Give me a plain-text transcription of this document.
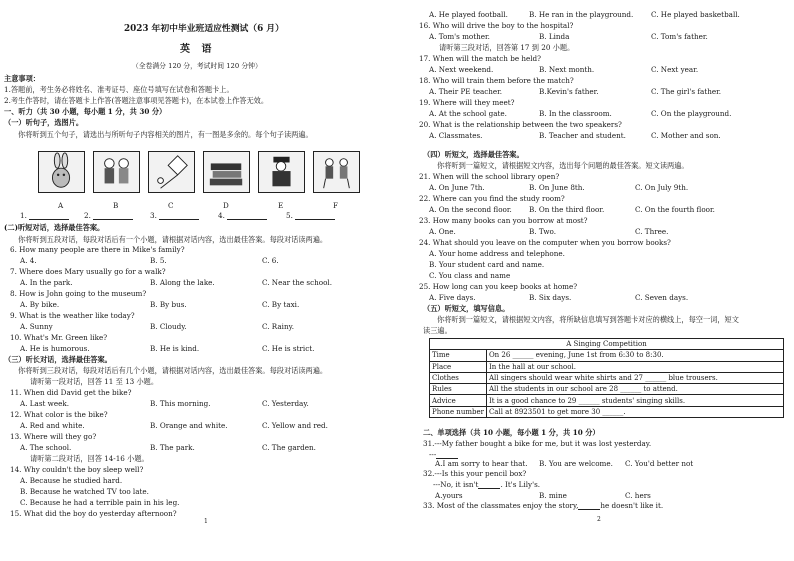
2023 年初中毕业班适应性测试（6 月）
英 语
（全卷满分 120 分，考试时间 120 分钟）
主意事项：
1.答题前，考生务必将姓名、准考证号、座位号填写在试卷和答题卡上。
2.考生作答时，请在答题卡上作答(答题注意事项见答题卡)，在本试卷上作答无效。
一、听力（共 30 小题，每小题 1 分，共 30 分）
（一）听句子，选图片。
你将听到五个句子，请选出与所听句子内容相关的图片，有一图是多余的。每个句子读两遍。
A	B	C	D	E	F
1.	2.	3.	4.	5.
(二)听短对话，选择最佳答案。
你将听到五段对话，每段对话后有一个小题，请根据对话内容，选出最佳答案。每段对话读两遍。
6. How many people are there in Mike's family?
A. 4.	B. 5.	C. 6.
7. Where does Mary usually go for a walk?
A. In the park.	B. Along the lake.	C. Near the school.
8. How is John going to the museum?
A. By bike.	B. By bus.	C. By taxi.
9. What is the weather like today?
A. Sunny	B. Cloudy.	C. Rainy.
10. What's Mr. Green like?
A. He is humorous.	B. He is kind.	C. He is strict.
（三）听长对话，选择最佳答案。
你将听到三段对话，每段对话后有几个小题，请根据对话内容，选出最佳答案。每段对话读两遍。
请听第一段对话，回答 11 至 13 小题。
11. When did David get the bike?
A. Last week.	B. This morning.	C. Yesterday.
12. What color is the bike?
A. Red and white.	B. Orange and white.	C. Yellow and red.
13. Where will they go?
A. The school.	B. The park.	C. The garden.
请听第二段对话，回答 14-16 小题。
14. Why couldn't the boy sleep well?
A. Because he studied hard.
B. Because he watched TV too late.
C. Because he had a terrible pain in his leg.
15. What did the boy do yesterday afternoon?
1
A. He played football.	B. He ran in the playground. C. He played basketball.
16. Who will drive the boy to the hospital?
A. Tom's mother.	B. Linda	C. Tom's father.
请听第三段对话，回答第 17 到 20 小题。
17. When will the match be held?
A. Next weekend.	B. Next month.	C. Next year.
18. Who will train them before the match?
A. Their PE teacher.	B.Kevin's father.	C. The girl's father.
19. Where will they meet?
A. At the school gate.	B. In the classroom.	C. On the playground.
20. What is the relationship between the two speakers?
A. Classmates.	B. Teacher and student.	C. Mother and son.
（四）听短文，选择最佳答案。
你将听到一篇短文，请根据短文内容，选出每个问题的最佳答案。短文读两遍。
21. When will the school library open?
A. On June 7th.	B. On June 8th.	C. On July 9th.
22. Where can you find the study room?
A. On the second floor. B. On the third floor.	C. On the fourth floor.
23. How many books can you borrow at most?
A. One.	B. Two.	C. Three.
24. What should you leave on the computer when you borrow books?
A. Your home address and telephone.
B. Your student card and name.
C. You class and name
25. How long can you keep books at home?
A. Five days.	B. Six days.	C. Seven days.
（五）听短文，填写信息。
你将听到一篇短文，请根据短文内容，将所缺信息填写到答题卡对应的横线上，每空一词，短文
读三遍。
A Singing Competition	
Time	On 26 ______ evening, June 1st from 6:30 to 8:30.
Place	In the hall at our school.
Clothes	All singers should wear white shirts and 27 ______ blue trousers.
Rules	All the students in our school are 28 ______ to attend.
Advice	It is a good chance to 29 ______ students' singing skills.
Phone number	Call at 8923501 to get more 30 ______.
二、单项选择（共 10 小题，每小题 1 分，共 10 分）
31.---My father bought a bike for me, but it was lost yesterday.
---
A.I am sorry to hear that. B. You are welcome. C. You'd better not
32.---Is this your pencil box?
---No, it isn't	. It's Lily's.
A.yours	B. mine	C. hers
33. Most of the classmates enjoy the story,	he doesn't like it.
2
